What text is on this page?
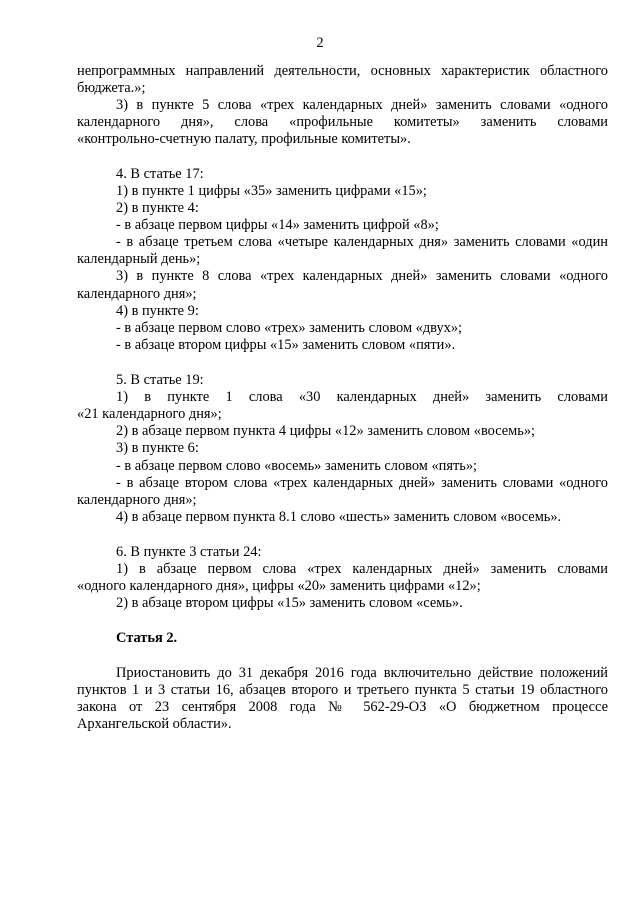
2
непрограммных направлений деятельности, основных характеристик областного
бюджета.»;
3) в пункте 5 слова «трех календарных дней» заменить словами «одного
календарного дня», слова «профильные комитеты» заменить словами
«контрольно-счетную палату, профильные комитеты».
4. В статье 17:
1) в пункте 1 цифры «35» заменить цифрами «15»;
2) в пункте 4:
- в абзаце первом цифры «14» заменить цифрой «8»;
- в абзаце третьем слова «четыре календарных дня» заменить словами «один
календарный день»;
3) в пункте 8 слова «трех календарных дней» заменить словами «одного
календарного дня»;
4) в пункте 9:
- в абзаце первом слово «трех» заменить словом «двух»;
- в абзаце втором цифры «15» заменить словом «пяти».
5. В статье 19:
1) в пункте 1 слова «30 календарных дней» заменить словами
«21 календарного дня»;
2) в абзаце первом пункта 4 цифры «12» заменить словом «восемь»;
3) в пункте 6:
- в абзаце первом слово «восемь» заменить словом «пять»;
- в абзаце втором слова «трех календарных дней» заменить словами «одного
календарного дня»;
4) в абзаце первом пункта 8.1 слово «шесть» заменить словом «восемь».
6. В пункте 3 статьи 24:
1) в абзаце первом слова «трех календарных дней» заменить словами
«одного календарного дня», цифры «20» заменить цифрами «12»;
2) в абзаце втором цифры «15» заменить словом «семь».
Статья 2.
Приостановить до 31 декабря 2016 года включительно действие положений
пунктов 1 и 3 статьи 16, абзацев второго и третьего пункта 5 статьи 19 областного
закона от 23 сентября 2008 года № 562-29-ОЗ «О бюджетном процессе
Архангельской области».
